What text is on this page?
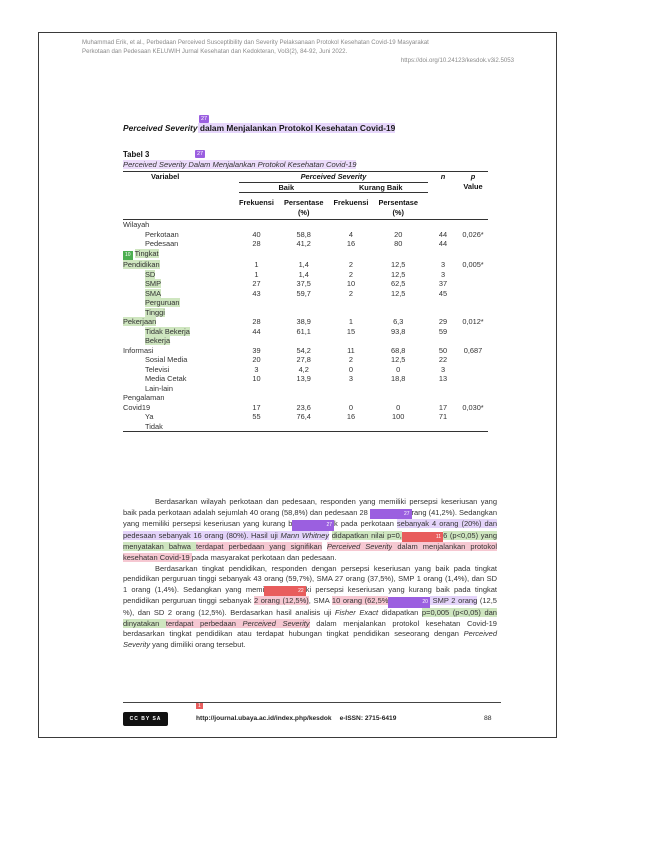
Muhammad Erik, et al., Perbedaan Perceived Susceptibility dan Severity Pelaksanaan Protokol Kesehatan Covid-19 Masyarakat
Perkotaan dan Pedesaan KELUWIH Jurnal Kesehatan dan Kedokteran, Vol3(2), 84-92, Juni 2022.
https://doi.org/10.24123/kesdok.v3i2.5053
27
Perceived Severity dalam Menjalankan Protokol Kesehatan Covid-19
Tabel 3	27
Perceived Severity Dalam Menjalankan Protokol Kesehatan Covid-19
Variabel	Perceived Severity				n	p
Value
	Baik		Kurang Baik			
	Frekuensi	Persentase (%)	Frekuensi	Persentase (%)		
Wilayah						
Perkotaan	40	58,8	4	20	44	0,026*
Pedesaan	28	41,2	16	80	44	
10 Tingkat						
Pendidikan	1	1,4	2	12,5	3	0,005*
SD	1	1,4	2	12,5	3	
SMP	27	37,5	10	62,5	37	
SMA	43	59,7	2	12,5	45	
Perguruan						
Tinggi						
Pekerjaan	28	38,9	1	6,3	29	0,012*
Tidak Bekerja	44	61,1	15	93,8	59	
Bekerja						
Informasi	39	54,2	11	68,8	50	0,687
Sosial Media	20	27,8	2	12,5	22	
Televisi	3	4,2	0	0	3	
Media Cetak	10	13,9	3	18,8	13	
Lain-lain						
Pengalaman						
Covid19	17	23,6	0	0	17	0,030*
Ya	55	76,4	16	100	71	
Tidak						

Berdasarkan wilayah perkotaan dan pedesaan, responden yang memiliki persepsi keseriusan yang baik pada perkotaan adalah sejumlah 40 orang (58,8%) dan pedesaan 28	27 rang (41,2%). Sedangkan yang memiliki persepsi keseriusan yang kurang b	27 k pada perkotaan sebanyak 4 orang (20%) dan pedesaan sebanyak 16 orang (80%). Hasil uji Mann Whitney didapatkan nilai p=0,	11 6 (p<0,05) yang menyatakan bahwa terdapat perbedaan yang signifikan Perceived Severity dalam menjalankan protokol kesehatan Covid-19 pada masyarakat perkotaan dan pedesaan.

Berdasarkan tingkat pendidikan, responden dengan persepsi keseriusan yang baik pada tingkat pendidikan perguruan tinggi sebanyak 43 orang (59,7%), SMA 27 orang (37,5%), SMP 1 orang (1,4%), dan SD 1 orang (1,4%). Sedangkan yang memi	22 ki persepsi keseriusan yang kurang baik pada tingkat pendidikan perguruan tinggi sebanyak 2 orang (12,5%), SMA 10 orang (62,5%	20 SMP 2 orang (12,5 %), dan SD 2 orang (12,5%). Berdasarkan hasil analisis uji Fisher Exact didapatkan p=0,005 (p<0,05) dan dinyatakan terdapat perbedaan Perceived Severity dalam menjalankan protokol kesehatan Covid-19 berdasarkan tingkat pendidikan atau terdapat hubungan tingkat pendidikan seseorang dengan Perceived Severity yang dimiliki orang tersebut.

1
CC BY SA	http://journal.ubaya.ac.id/index.php/kesdok e-ISSN: 2715-6419	88
